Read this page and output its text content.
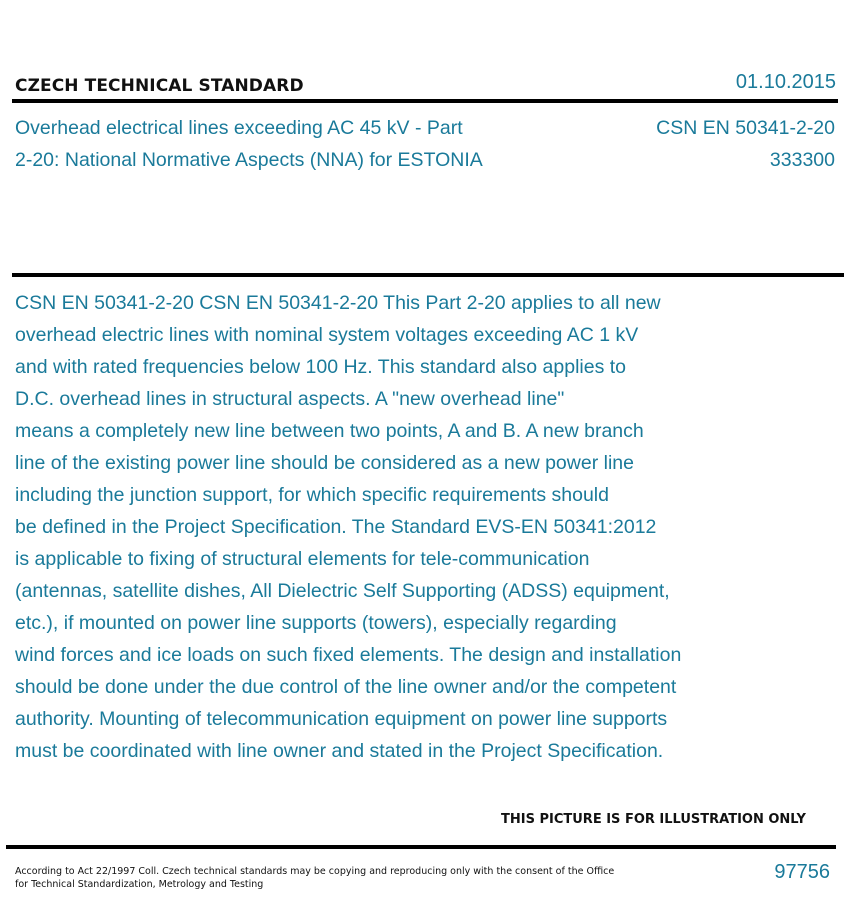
CZECH TECHNICAL STANDARD	01.10.2015
Overhead electrical lines exceeding AC 45 kV - Part
2-20: National Normative Aspects (NNA) for ESTONIA
CSN EN 50341-2-20
333300
CSN EN 50341-2-20 CSN EN 50341-2-20 This Part 2-20 applies to all new
overhead electric lines with nominal system voltages exceeding AC 1 kV
and with rated frequencies below 100 Hz. This standard also applies to
D.C. overhead lines in structural aspects. A "new overhead line"
means a completely new line between two points, A and B. A new branch
line of the existing power line should be considered as a new power line
including the junction support, for which specific requirements should
be defined in the Project Specification. The Standard EVS-EN 50341:2012
is applicable to fixing of structural elements for tele-communication
(antennas, satellite dishes, All Dielectric Self Supporting (ADSS) equipment,
etc.), if mounted on power line supports (towers), especially regarding
wind forces and ice loads on such fixed elements. The design and installation
should be done under the due control of the line owner and/or the competent
authority. Mounting of telecommunication equipment on power line supports
must be coordinated with line owner and stated in the Project Specification.
THIS PICTURE IS FOR ILLUSTRATION ONLY
According to Act 22/1997 Coll. Czech technical standards may be copying and reproducing only with the consent of the Office
for Technical Standardization, Metrology and Testing
97756
